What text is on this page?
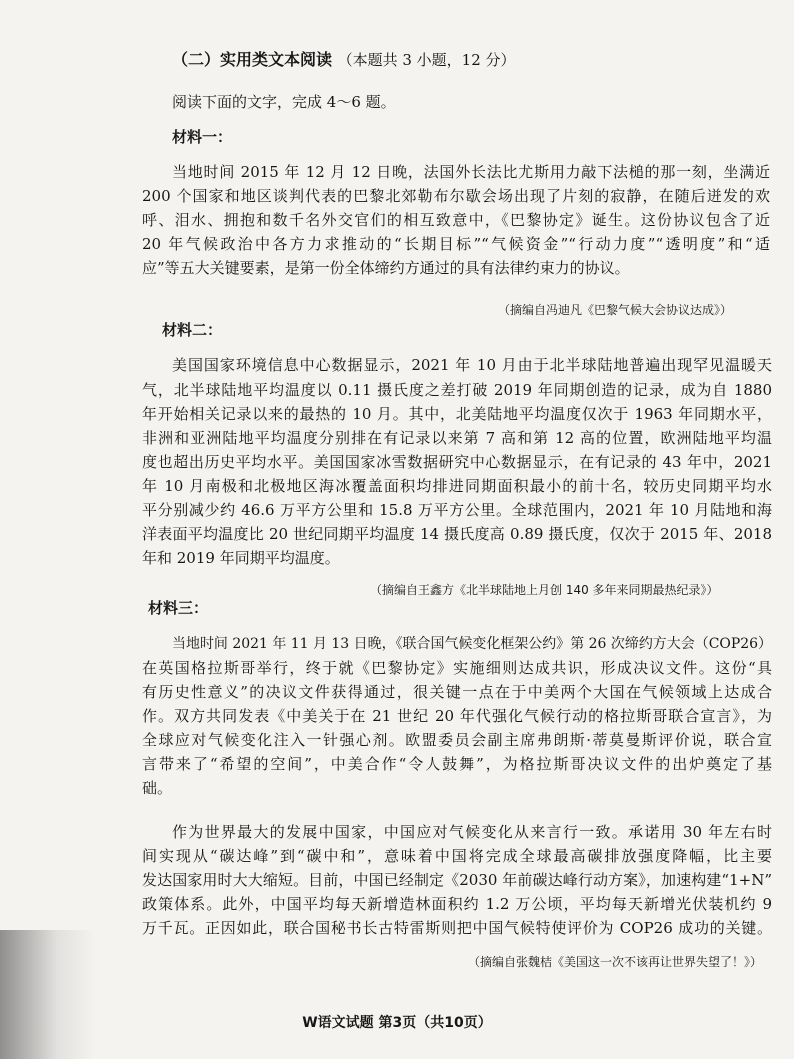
（二）实用类文本阅读 （本题共 3 小题，12 分）
阅读下面的文字，完成 4～6 题。
材料一：
当地时间 2015 年 12 月 12 日晚，法国外长法比尤斯用力敲下法槌的那一刻，坐满近
200 个国家和地区谈判代表的巴黎北郊勒布尔歇会场出现了片刻的寂静，在随后迸发的欢
呼、泪水、拥抱和数千名外交官们的相互致意中，《巴黎协定》诞生。这份协议包含了近
20 年气候政治中各方力求推动的“长期目标”“气候资金”“行动力度”“透明度”和“适
应”等五大关键要素，是第一份全体缔约方通过的具有法律约束力的协议。
（摘编自冯迪凡《巴黎气候大会协议达成》）
材料二：
美国国家环境信息中心数据显示，2021 年 10 月由于北半球陆地普遍出现罕见温暖天
气，北半球陆地平均温度以 0.11 摄氏度之差打破 2019 年同期创造的记录，成为自 1880
年开始相关记录以来的最热的 10 月。其中，北美陆地平均温度仅次于 1963 年同期水平，
非洲和亚洲陆地平均温度分别排在有记录以来第 7 高和第 12 高的位置，欧洲陆地平均温
度也超出历史平均水平。美国国家冰雪数据研究中心数据显示，在有记录的 43 年中，2021
年 10 月南极和北极地区海冰覆盖面积均排进同期面积最小的前十名，较历史同期平均水
平分别减少约 46.6 万平方公里和 15.8 万平方公里。全球范围内，2021 年 10 月陆地和海
洋表面平均温度比 20 世纪同期平均温度 14 摄氏度高 0.89 摄氏度，仅次于 2015 年、2018
年和 2019 年同期平均温度。
（摘编自王鑫方《北半球陆地上月创 140 多年来同期最热纪录》）
材料三：
当地时间 2021 年 11 月 13 日晚，《联合国气候变化框架公约》第 26 次缔约方大会（COP26）
在英国格拉斯哥举行，终于就《巴黎协定》实施细则达成共识，形成决议文件。这份“具
有历史性意义”的决议文件获得通过，很关键一点在于中美两个大国在气候领域上达成合
作。双方共同发表《中美关于在 21 世纪 20 年代强化气候行动的格拉斯哥联合宣言》，为
全球应对气候变化注入一针强心剂。欧盟委员会副主席弗朗斯·蒂莫曼斯评价说，联合宣
言带来了“希望的空间”，中美合作“令人鼓舞”，为格拉斯哥决议文件的出炉奠定了基
础。
作为世界最大的发展中国家，中国应对气候变化从来言行一致。承诺用 30 年左右时
间实现从“碳达峰”到“碳中和”，意味着中国将完成全球最高碳排放强度降幅，比主要
发达国家用时大大缩短。目前，中国已经制定《2030 年前碳达峰行动方案》，加速构建“1+N”
政策体系。此外，中国平均每天新增造林面积约 1.2 万公顷，平均每天新增光伏装机约 9
万千瓦。正因如此，联合国秘书长古特雷斯则把中国气候特使评价为 COP26 成功的关键。
（摘编自张魏桔《美国这一次不该再让世界失望了！》）
W语文试题 第3页（共10页）
